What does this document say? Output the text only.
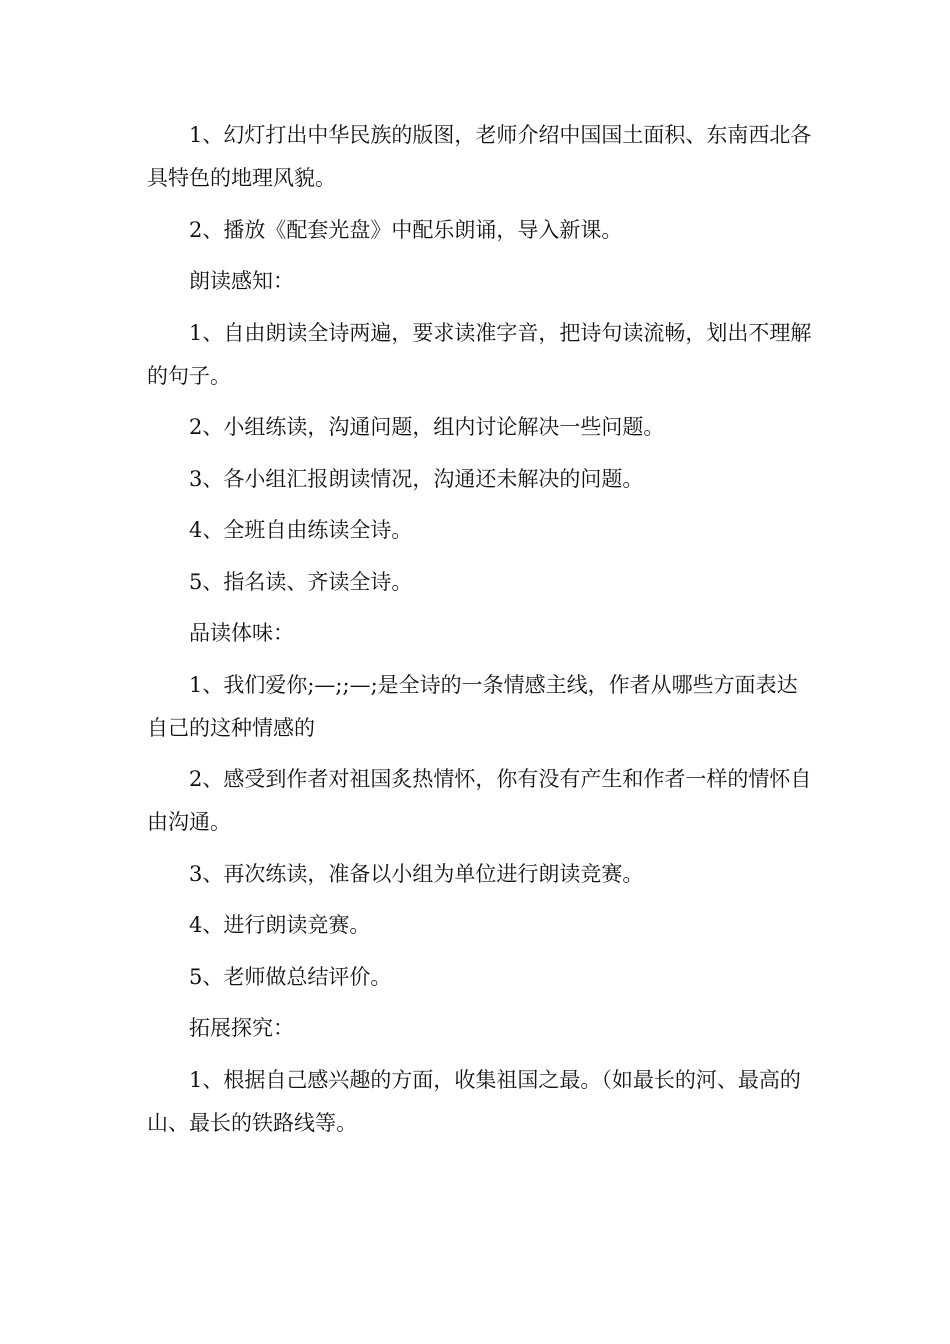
1、幻灯打出中华民族的版图，老师介绍中国国土面积、东南西北各具特色的地理风貌。

2、播放《配套光盘》中配乐朗诵，导入新课。

朗读感知：

1、自由朗读全诗两遍，要求读准字音，把诗句读流畅，划出不理解的句子。

2、小组练读，沟通问题，组内讨论解决一些问题。

3、各小组汇报朗读情况，沟通还未解决的问题。

4、全班自由练读全诗。

5、指名读、齐读全诗。

品读体味：

1、我们爱你;—;;—;是全诗的一条情感主线，作者从哪些方面表达自己的这种情感的

2、感受到作者对祖国炙热情怀，你有没有产生和作者一样的情怀自由沟通。

3、再次练读，准备以小组为单位进行朗读竞赛。

4、进行朗读竞赛。

5、老师做总结评价。

拓展探究：

1、根据自己感兴趣的方面，收集祖国之最。（如最长的河、最高的山、最长的铁路线等。
